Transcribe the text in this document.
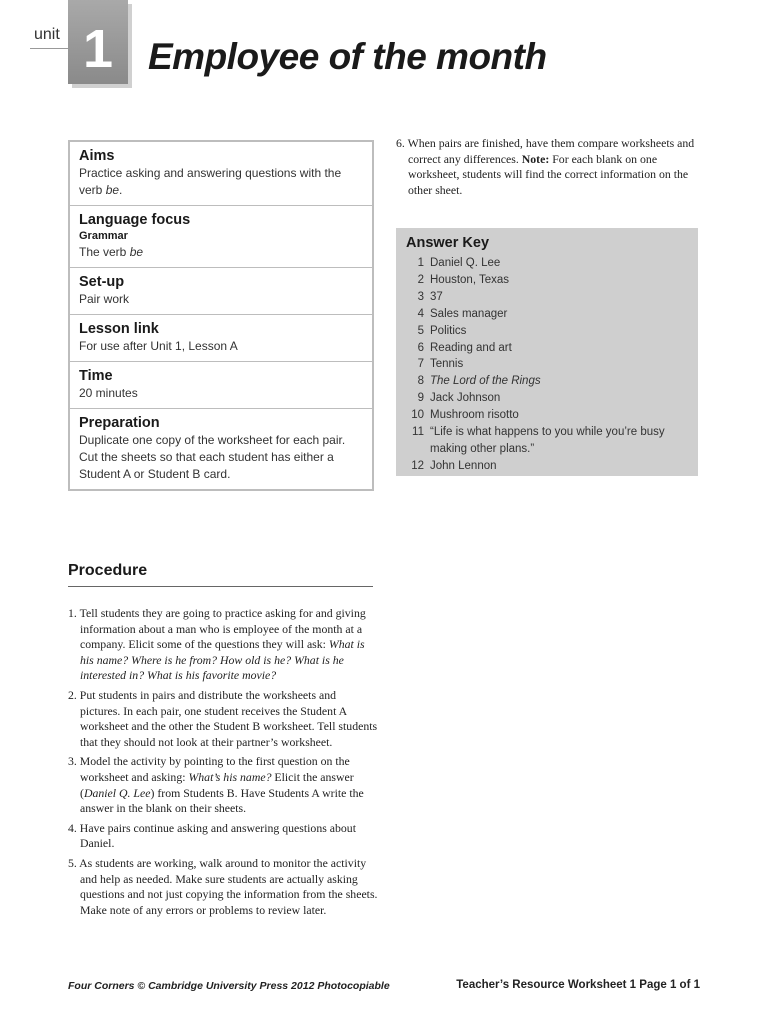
unit 1 Employee of the month
Aims
Practice asking and answering questions with the verb be.
Language focus
Grammar
The verb be
Set-up
Pair work
Lesson link
For use after Unit 1, Lesson A
Time
20 minutes
Preparation
Duplicate one copy of the worksheet for each pair. Cut the sheets so that each student has either a Student A or Student B card.
Procedure
1. Tell students they are going to practice asking for and giving information about a man who is employee of the month at a company. Elicit some of the questions they will ask: What is his name? Where is he from? How old is he? What is he interested in? What is his favorite movie?
2. Put students in pairs and distribute the worksheets and pictures. In each pair, one student receives the Student A worksheet and the other the Student B worksheet. Tell students that they should not look at their partner’s worksheet.
3. Model the activity by pointing to the first question on the worksheet and asking: What’s his name? Elicit the answer (Daniel Q. Lee) from Students B. Have Students A write the answer in the blank on their sheets.
4. Have pairs continue asking and answering questions about Daniel.
5. As students are working, walk around to monitor the activity and help as needed. Make sure students are actually asking questions and not just copying the information from the sheets. Make note of any errors or problems to review later.
6. When pairs are finished, have them compare worksheets and correct any differences. Note: For each blank on one worksheet, students will find the correct information on the other sheet.
Answer Key
1 Daniel Q. Lee
2 Houston, Texas
3 37
4 Sales manager
5 Politics
6 Reading and art
7 Tennis
8 The Lord of the Rings
9 Jack Johnson
10 Mushroom risotto
11 “Life is what happens to you while you’re busy making other plans.”
12 John Lennon
Four Corners © Cambridge University Press 2012 Photocopiable	Teacher’s Resource Worksheet 1 Page 1 of 1
